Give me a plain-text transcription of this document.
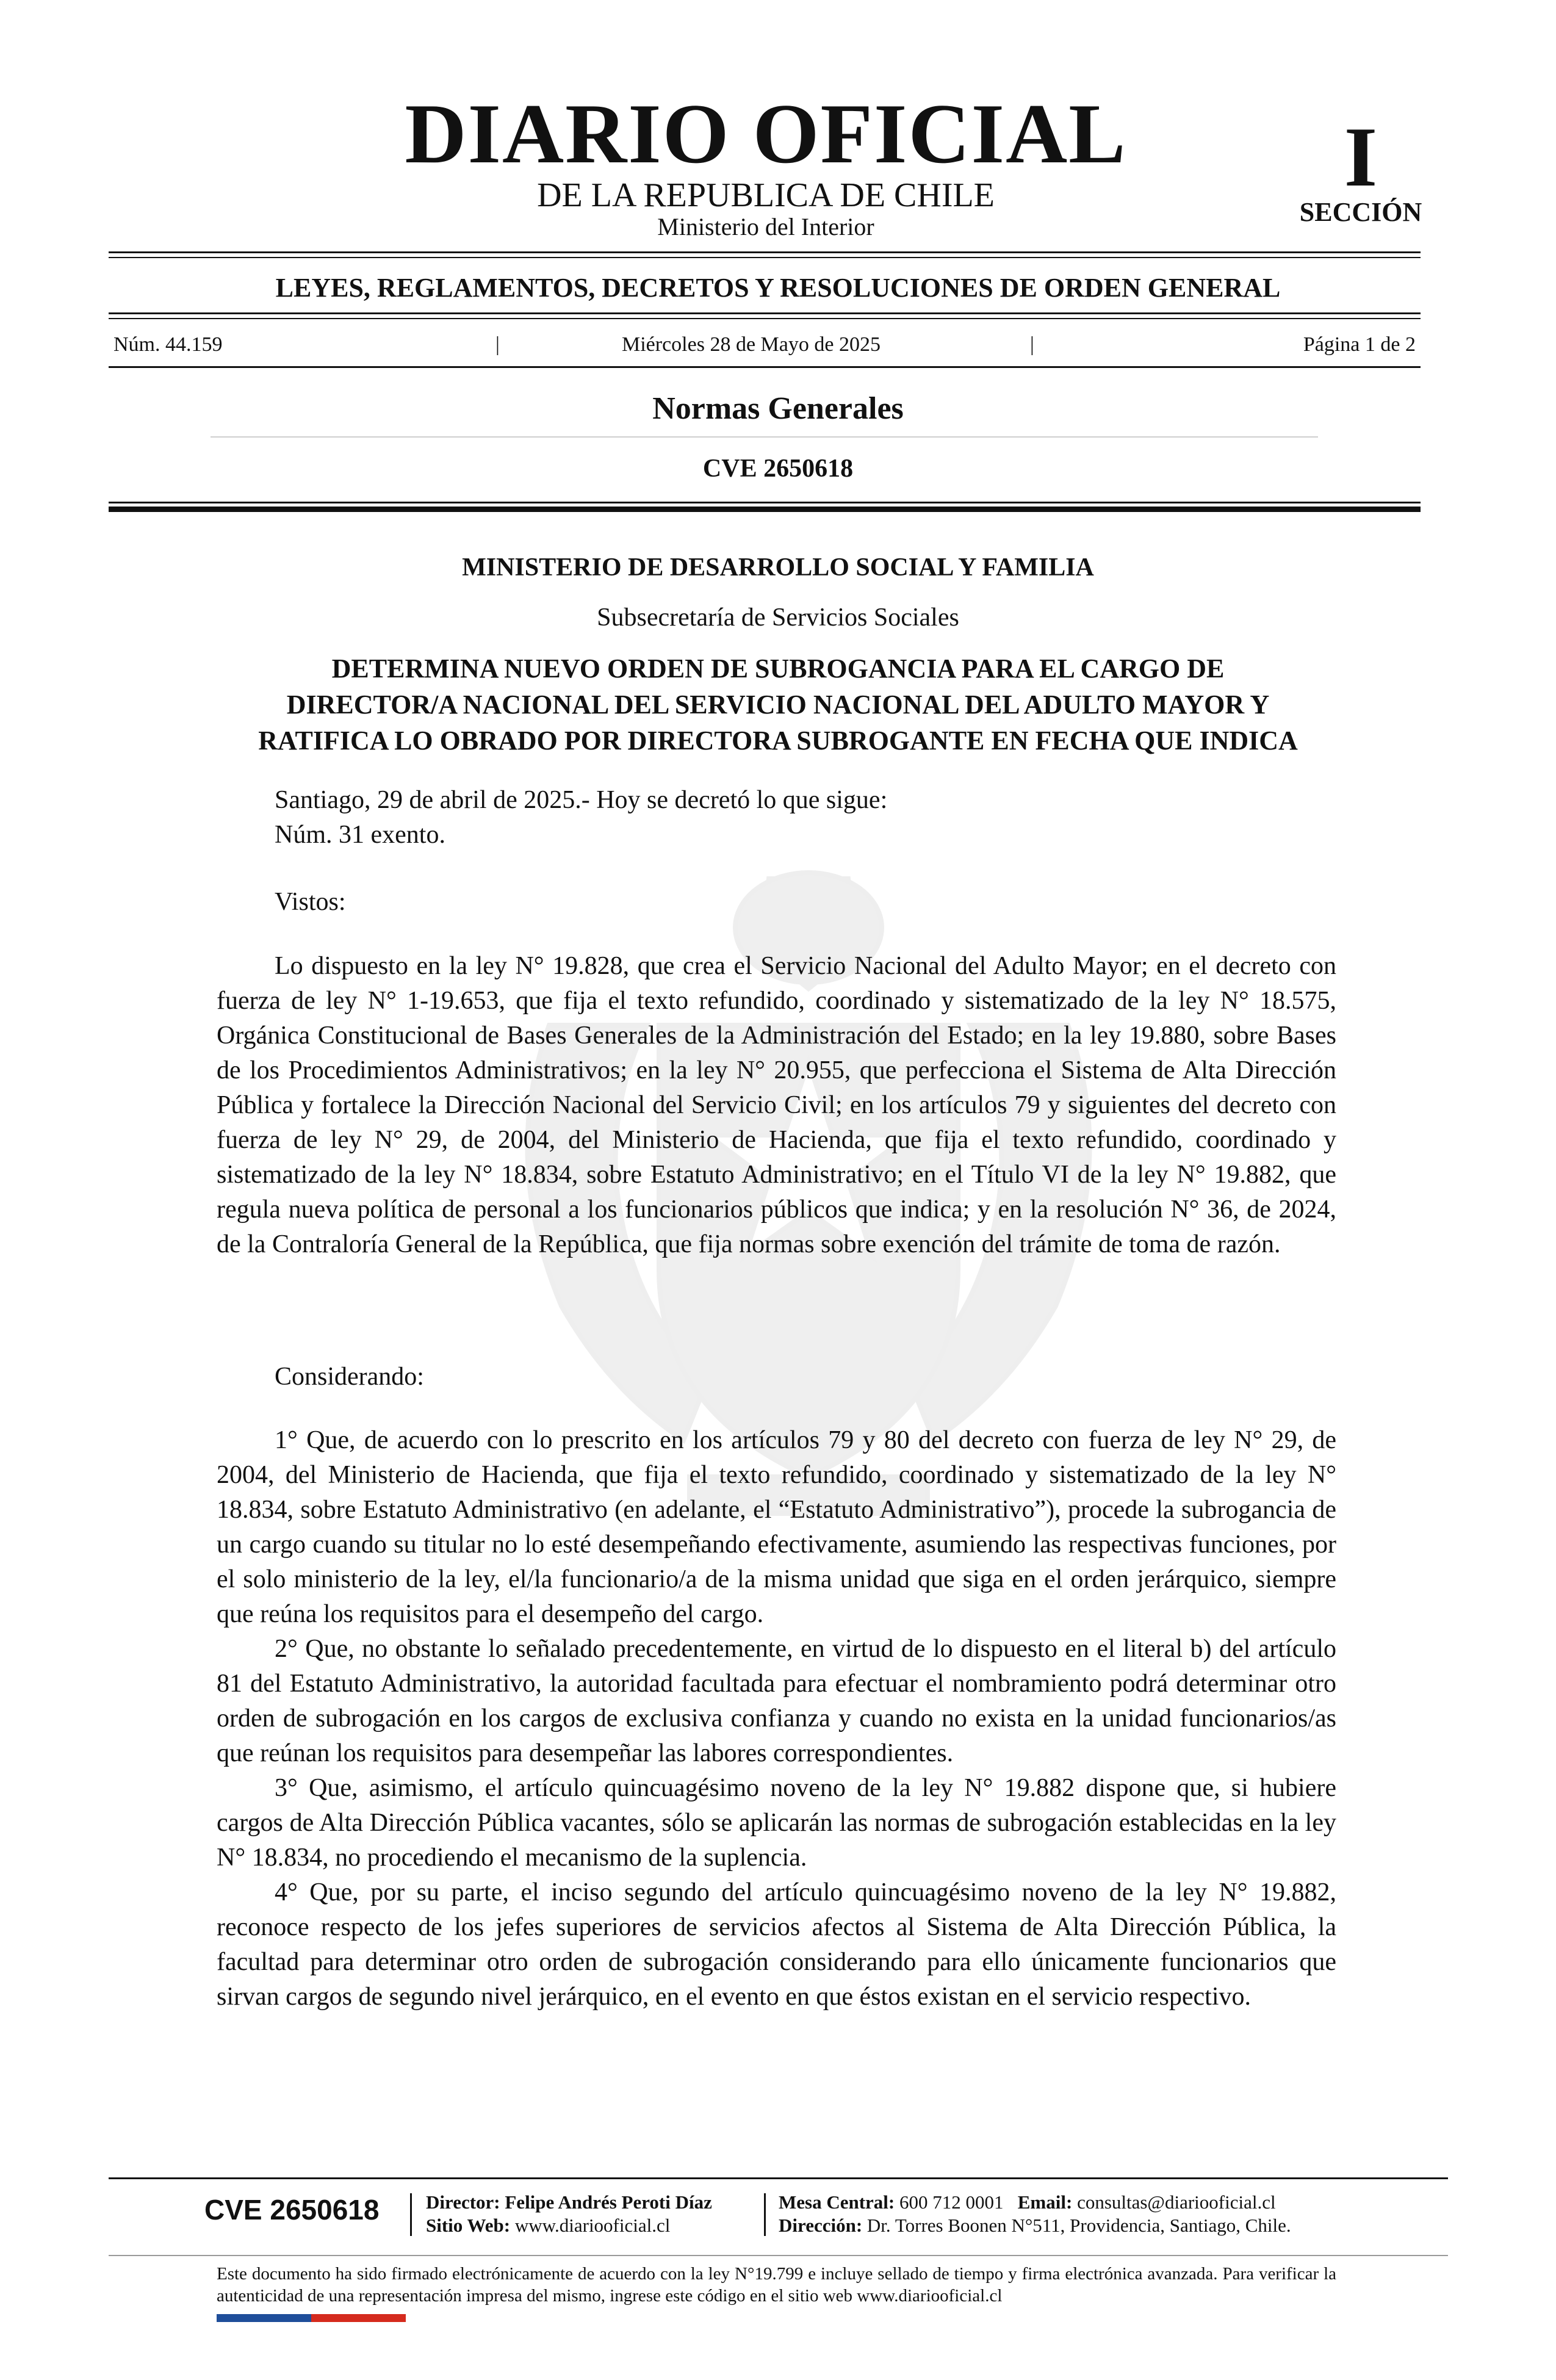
DIARIO OFICIAL
DE LA REPUBLICA DE CHILE
Ministerio del Interior
I
SECCIÓN
LEYES, REGLAMENTOS, DECRETOS Y RESOLUCIONES DE ORDEN GENERAL
Núm. 44.159	|	Miércoles 28 de Mayo de 2025	|	Página 1 de 2
Normas Generales
CVE 2650618
MINISTERIO DE DESARROLLO SOCIAL Y FAMILIA
Subsecretaría de Servicios Sociales
DETERMINA NUEVO ORDEN DE SUBROGANCIA PARA EL CARGO DE
DIRECTOR/A NACIONAL DEL SERVICIO NACIONAL DEL ADULTO MAYOR Y
RATIFICA LO OBRADO POR DIRECTORA SUBROGANTE EN FECHA QUE INDICA

Santiago, 29 de abril de 2025.- Hoy se decretó lo que sigue:

Núm. 31 exento.

Vistos:

Lo dispuesto en la ley N° 19.828, que crea el Servicio Nacional del Adulto Mayor; en el decreto con fuerza de ley N° 1-19.653, que fija el texto refundido, coordinado y sistematizado de la ley N° 18.575, Orgánica Constitucional de Bases Generales de la Administración del Estado; en la ley 19.880, sobre Bases de los Procedimientos Administrativos; en la ley N° 20.955, que perfecciona el Sistema de Alta Dirección Pública y fortalece la Dirección Nacional del Servicio Civil; en los artículos 79 y siguientes del decreto con fuerza de ley N° 29, de 2004, del Ministerio de Hacienda, que fija el texto refundido, coordinado y sistematizado de la ley N° 18.834, sobre Estatuto Administrativo; en el Título VI de la ley N° 19.882, que regula nueva política de personal a los funcionarios públicos que indica; y en la resolución N° 36, de 2024, de la Contraloría General de la República, que fija normas sobre exención del trámite de toma de razón.

Considerando:

1° Que, de acuerdo con lo prescrito en los artículos 79 y 80 del decreto con fuerza de ley N° 29, de 2004, del Ministerio de Hacienda, que fija el texto refundido, coordinado y sistematizado de la ley N° 18.834, sobre Estatuto Administrativo (en adelante, el “Estatuto Administrativo”), procede la subrogancia de un cargo cuando su titular no lo esté desempeñando efectivamente, asumiendo las respectivas funciones, por el solo ministerio de la ley, el/la funcionario/a de la misma unidad que siga en el orden jerárquico, siempre que reúna los requisitos para el desempeño del cargo.

2° Que, no obstante lo señalado precedentemente, en virtud de lo dispuesto en el literal b) del artículo 81 del Estatuto Administrativo, la autoridad facultada para efectuar el nombramiento podrá determinar otro orden de subrogación en los cargos de exclusiva confianza y cuando no exista en la unidad funcionarios/as que reúnan los requisitos para desempeñar las labores correspondientes.

3° Que, asimismo, el artículo quincuagésimo noveno de la ley N° 19.882 dispone que, si hubiere cargos de Alta Dirección Pública vacantes, sólo se aplicarán las normas de subrogación establecidas en la ley N° 18.834, no procediendo el mecanismo de la suplencia.

4° Que, por su parte, el inciso segundo del artículo quincuagésimo noveno de la ley N° 19.882, reconoce respecto de los jefes superiores de servicios afectos al Sistema de Alta Dirección Pública, la facultad para determinar otro orden de subrogación considerando para ello únicamente funcionarios que sirvan cargos de segundo nivel jerárquico, en el evento en que éstos existan en el servicio respectivo.

CVE 2650618 Director: Felipe Andrés Peroti Díaz
Sitio Web: www.diariooficial.cl
Mesa Central: 600 712 0001 Email: consultas@diariooficial.cl
Dirección: Dr. Torres Boonen N°511, Providencia, Santiago, Chile.
Este documento ha sido firmado electrónicamente de acuerdo con la ley N°19.799 e incluye sellado de tiempo y firma electrónica avanzada. Para verificar la autenticidad de una representación impresa del mismo, ingrese este código en el sitio web www.diariooficial.cl
